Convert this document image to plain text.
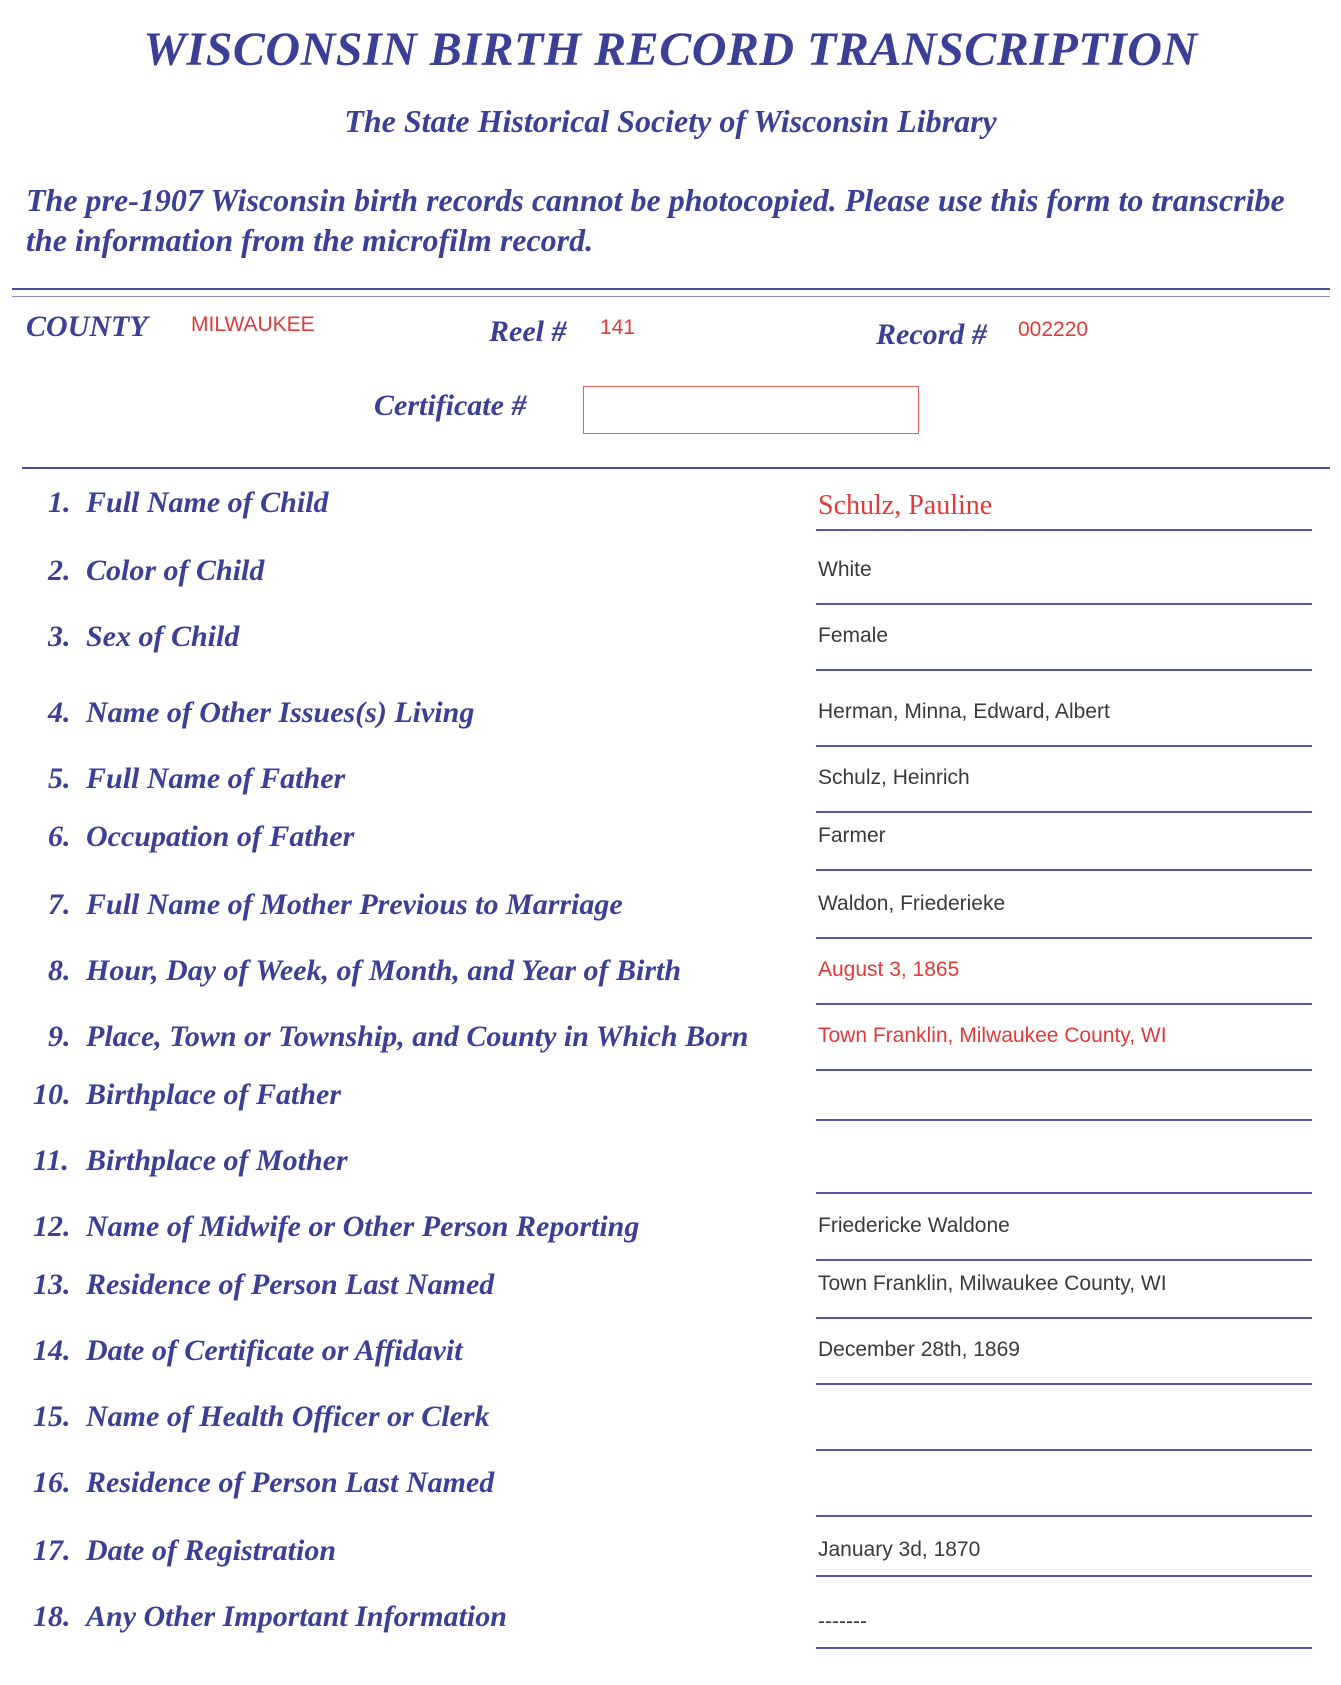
WISCONSIN BIRTH RECORD TRANSCRIPTION
The State Historical Society of Wisconsin Library
The pre-1907 Wisconsin birth records cannot be photocopied. Please use this form to transcribe the information from the microfilm record.
COUNTY MILWAUKEE	Reel # 141	Record # 002220
Certificate #
1. Full Name of Child	Schulz, Pauline
2. Color of Child	White
3. Sex of Child	Female
4. Name of Other Issues(s) Living	Herman, Minna, Edward, Albert
5. Full Name of Father	Schulz, Heinrich
6. Occupation of Father	Farmer
7. Full Name of Mother Previous to Marriage	Waldon, Friederieke
8. Hour, Day of Week, of Month, and Year of Birth	August 3, 1865
9. Place, Town or Township, and County in Which Born	Town Franklin, Milwaukee County, WI
10. Birthplace of Father
11. Birthplace of Mother
12. Name of Midwife or Other Person Reporting	Friedericke Waldone
13. Residence of Person Last Named	Town Franklin, Milwaukee County, WI
14. Date of Certificate or Affidavit	December 28th, 1869
15. Name of Health Officer or Clerk
16. Residence of Person Last Named
17. Date of Registration	January 3d, 1870
18. Any Other Important Information	-------
